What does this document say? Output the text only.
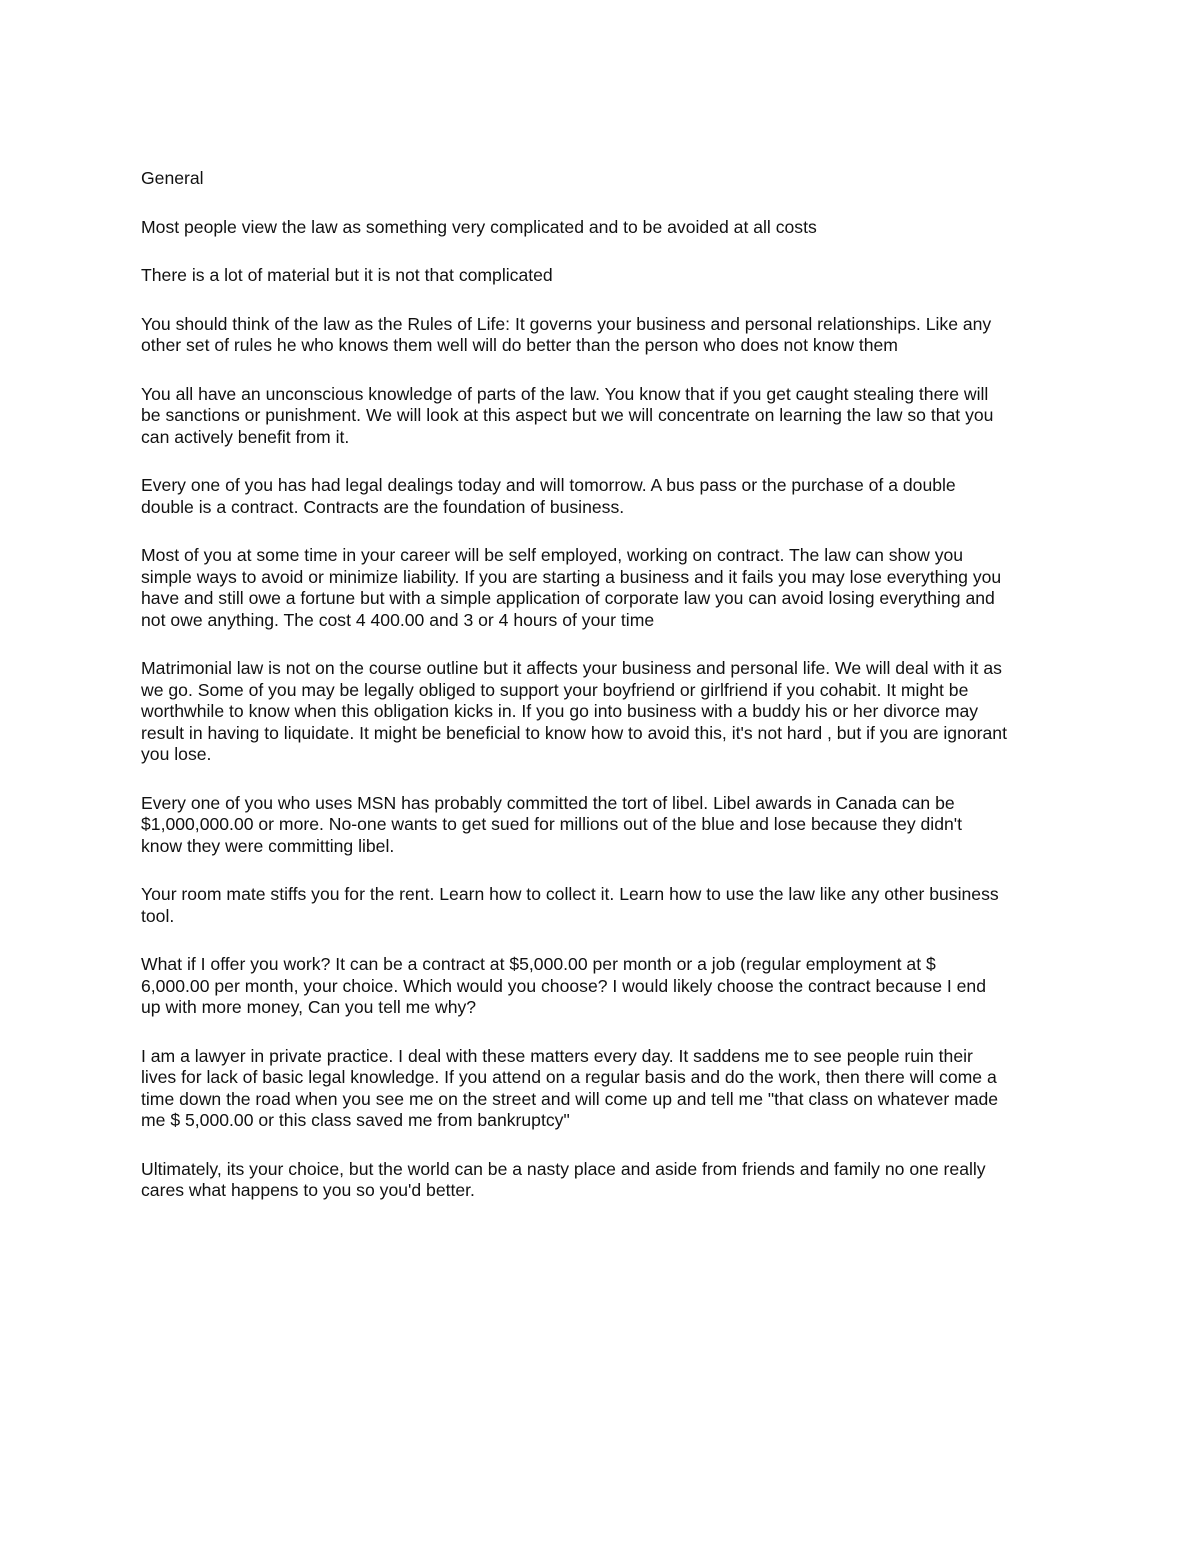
General
Most people view the law as something very complicated and to be avoided at all costs
There is a lot of material but it is not that complicated
You should think of the law as the Rules of Life: It governs your business and personal relationships. Like any
other set of rules he who knows them well will do better than the person who does not know them
You all have an unconscious knowledge of parts of the law. You know that if you get caught stealing there will
be sanctions or punishment. We will look at this aspect but we will concentrate on learning the law so that you
can actively benefit from it.
Every one of you has had legal dealings today and will tomorrow. A bus pass or the purchase of a double
double is a contract. Contracts are the foundation of business.
Most of you at some time in your career will be self employed, working on contract. The law can show you
simple ways to avoid or minimize liability. If you are starting a business and it fails you may lose everything you
have and still owe a fortune but with a simple application of corporate law you can avoid losing everything and
not owe anything. The cost 4 400.00 and 3 or 4 hours of your time
Matrimonial law is not on the course outline but it affects your business and personal life. We will deal with it as
we go. Some of you may be legally obliged to support your boyfriend or girlfriend if you cohabit. It might be
worthwhile to know when this obligation kicks in. If you go into business with a buddy his or her divorce may
result in having to liquidate. It might be beneficial to know how to avoid this, it's not hard , but if you are ignorant
you lose.
Every one of you who uses MSN has probably committed the tort of libel. Libel awards in Canada can be
$1,000,000.00 or more. No-one wants to get sued for millions out of the blue and lose because they didn't
know they were committing libel.
Your room mate stiffs you for the rent. Learn how to collect it. Learn how to use the law like any other business
tool.
What if I offer you work? It can be a contract at $5,000.00 per month or a job (regular employment at $
6,000.00 per month, your choice. Which would you choose? I would likely choose the contract because I end
up with more money, Can you tell me why?
I am a lawyer in private practice. I deal with these matters every day. It saddens me to see people ruin their
lives for lack of basic legal knowledge. If you attend on a regular basis and do the work, then there will come a
time down the road when you see me on the street and will come up and tell me "that class on whatever made
me $ 5,000.00 or this class saved me from bankruptcy"
Ultimately, its your choice, but the world can be a nasty place and aside from friends and family no one really
cares what happens to you so you'd better.
